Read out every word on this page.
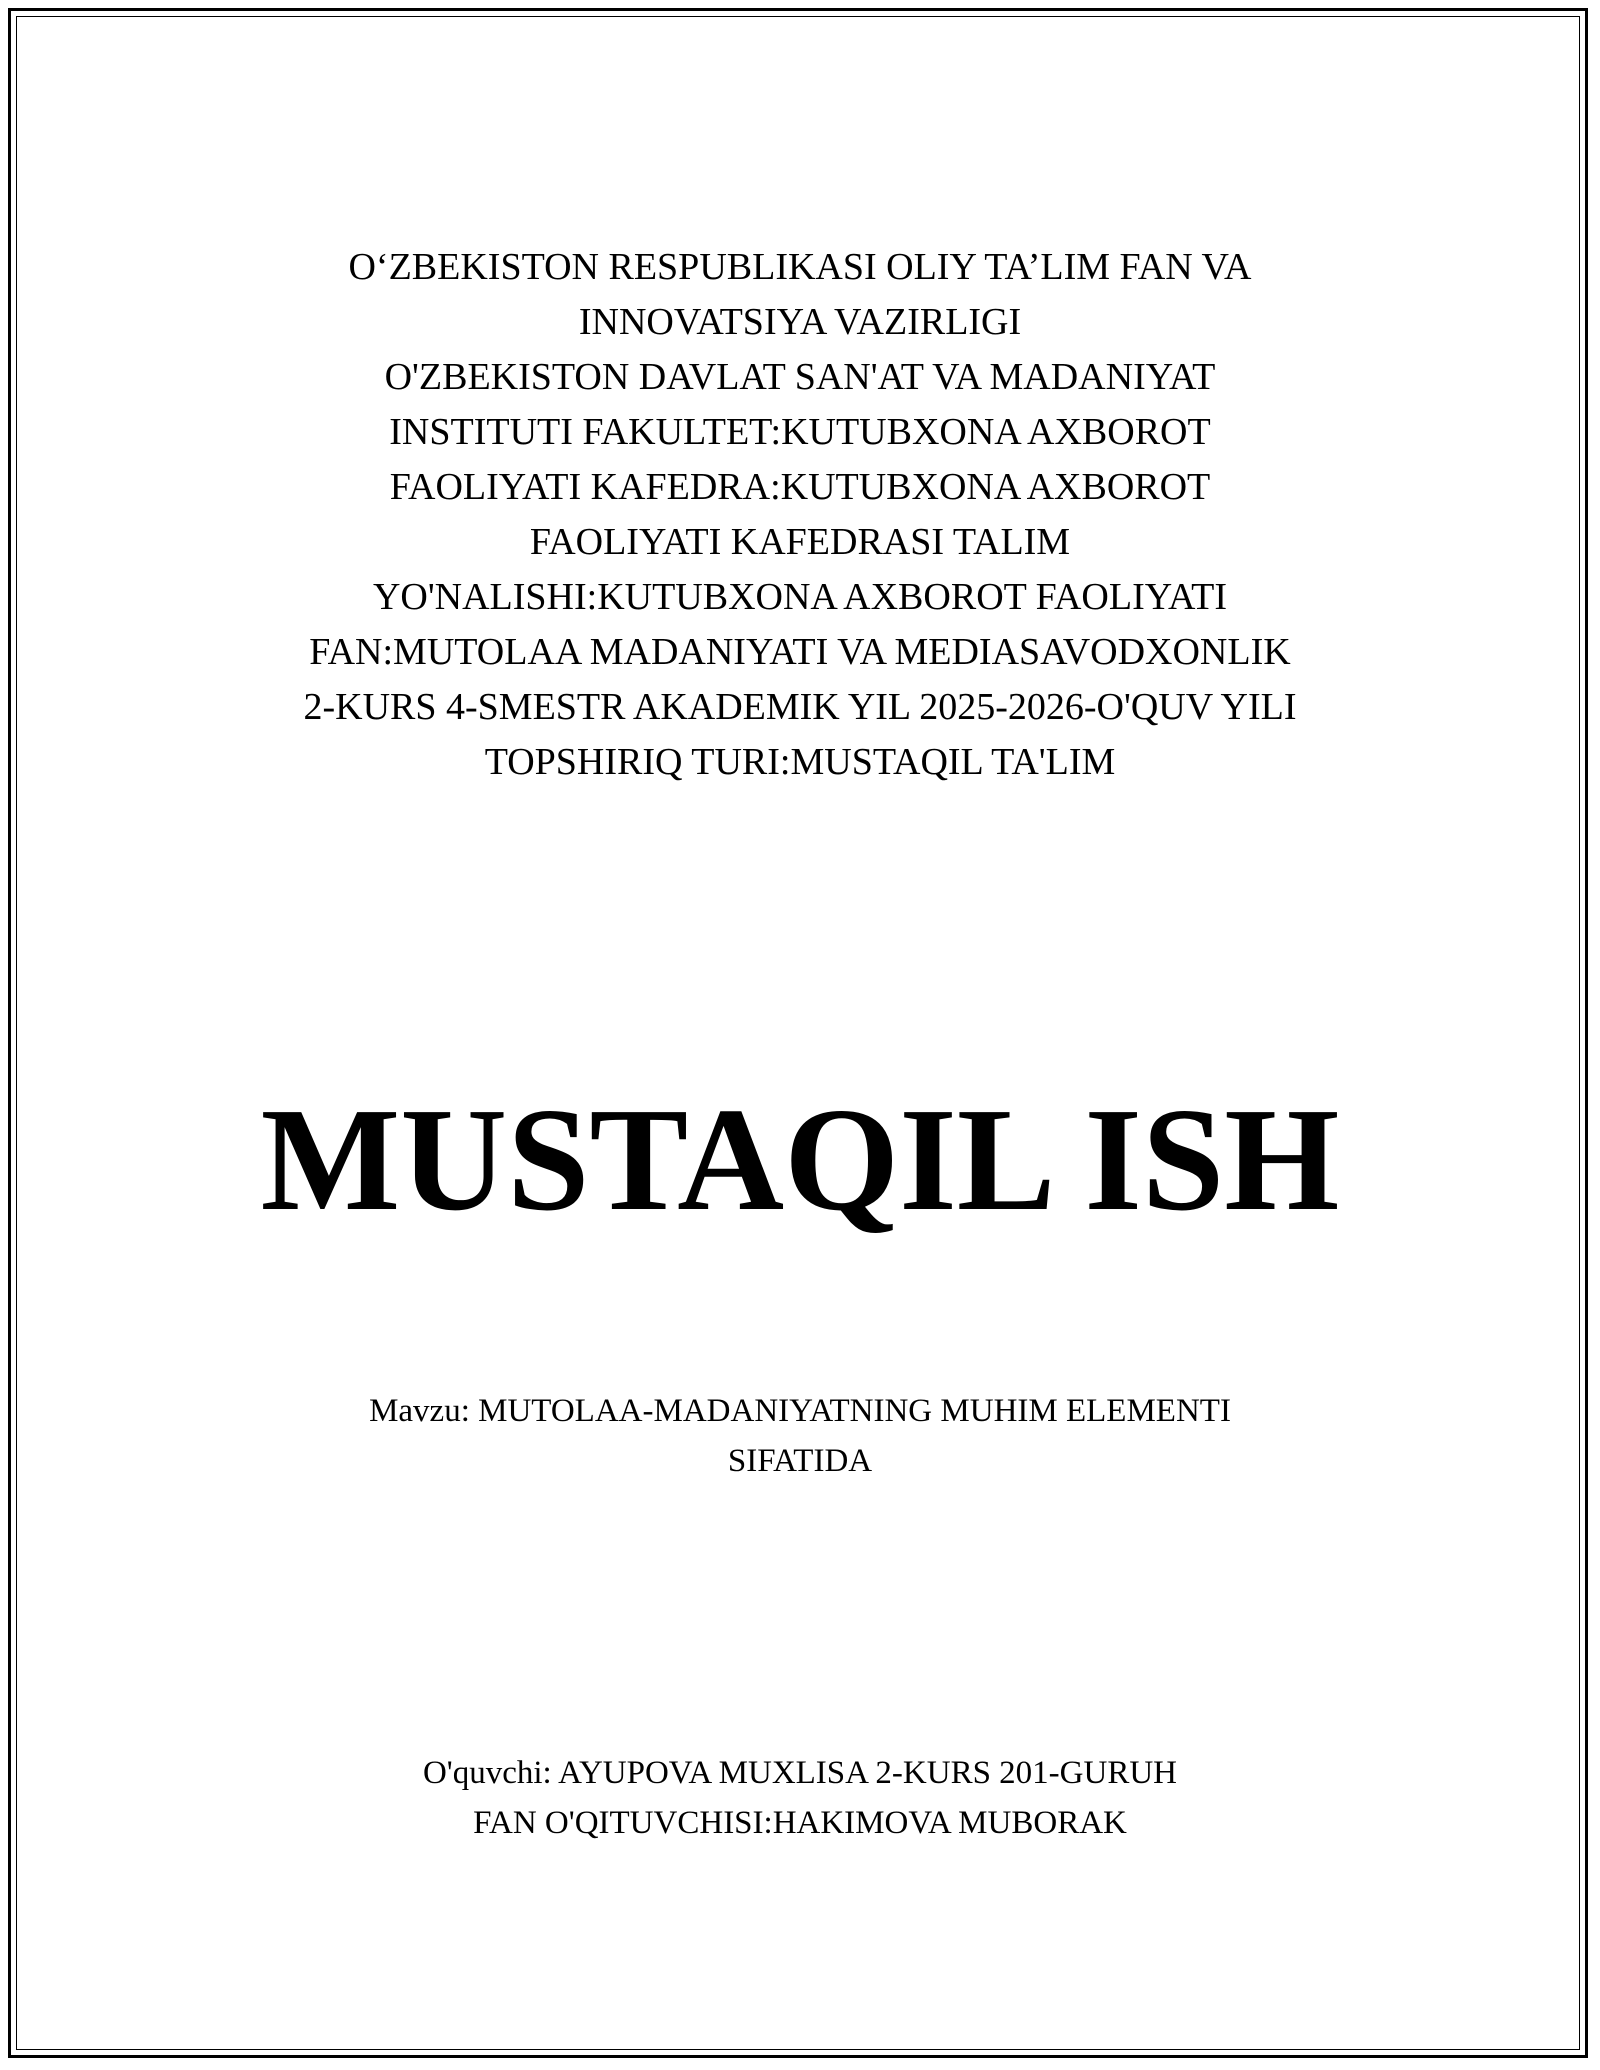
O‘ZBEKISTON RESPUBLIKASI OLIY TA’LIM FAN VA
INNOVATSIYA VAZIRLIGI
O'ZBEKISTON DAVLAT SAN'AT VA MADANIYAT
INSTITUTI FAKULTET:KUTUBXONA AXBOROT
FAOLIYATI KAFEDRA:KUTUBXONA AXBOROT
FAOLIYATI KAFEDRASI TALIM
YO'NALISHI:KUTUBXONA AXBOROT FAOLIYATI
FAN:MUTOLAA MADANIYATI VA MEDIASAVODXONLIK
2-KURS 4-SMESTR AKADEMIK YIL 2025-2026-O'QUV YILI
TOPSHIRIQ TURI:MUSTAQIL TA'LIM
MUSTAQIL ISH
Mavzu: MUTOLAA-MADANIYATNING MUHIM ELEMENTI
SIFATIDA
O'quvchi: AYUPOVA MUXLISA 2-KURS 201-GURUH
FAN O'QITUVCHISI:HAKIMOVA MUBORAK
